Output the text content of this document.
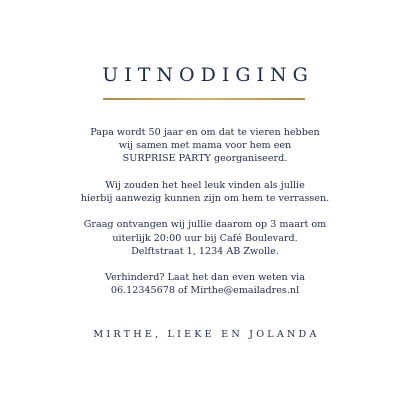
UITNODIGING

Papa wordt 50 jaar en om dat te vieren hebben
wij samen met mama voor hem een
SURPRISE PARTY georganiseerd.

Wij zouden het heel leuk vinden als jullie
hierbij aanwezig kunnen zijn om hem te verrassen.

Graag ontvangen wij jullie daarom op 3 maart om
uiterlijk 20:00 uur bij Café Boulevard.
Delftstraat 1, 1234 AB Zwolle.

Verhinderd? Laat het dan even weten via
06.12345678 of Mirthe@emailadres.nl

MIRTHE, LIEKE EN JOLANDA
